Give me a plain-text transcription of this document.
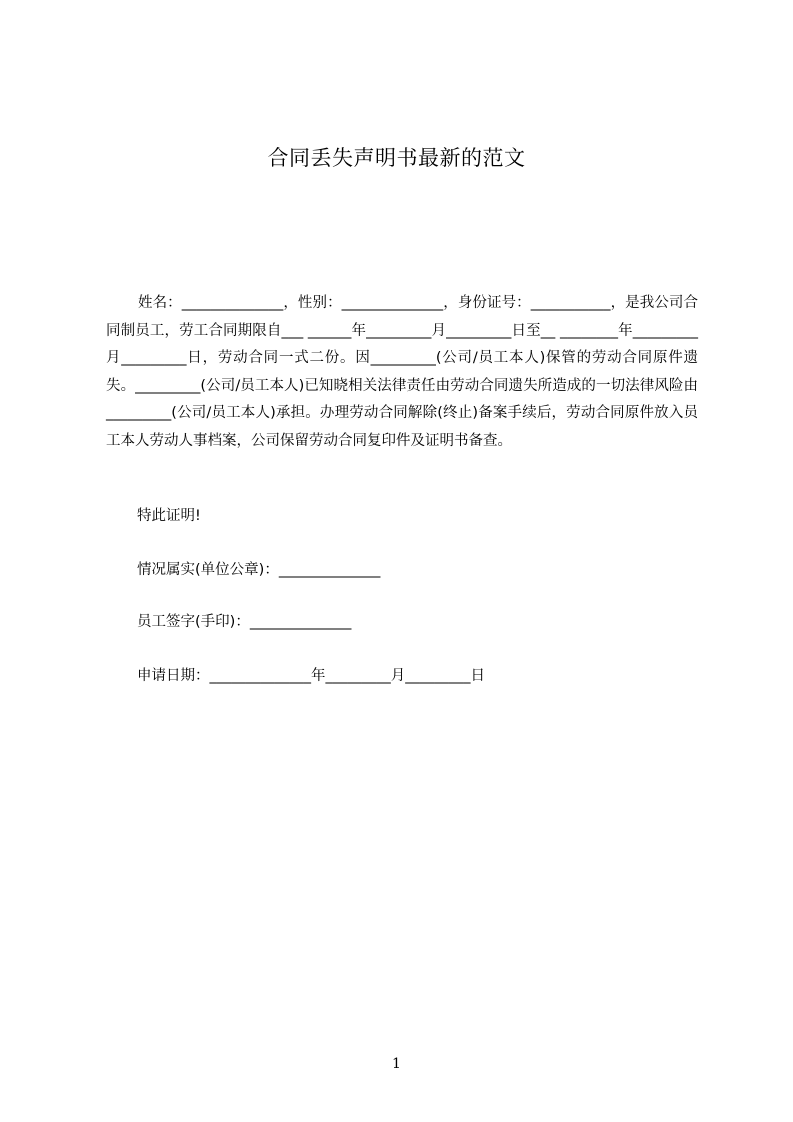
合同丢失声明书最新的范文

姓名：______________，性别：______________，身份证号：___________，是我公司合同制员工，劳工合同期限自___ ______年_________月_________日至__ ________年_________月_________日，劳动合同一式二份。因_________(公司/员工本人)保管的劳动合同原件遗失。_________(公司/员工本人)已知晓相关法律责任由劳动合同遗失所造成的一切法律风险由_________(公司/员工本人)承担。办理劳动合同解除(终止)备案手续后，劳动合同原件放入员工本人劳动人事档案，公司保留劳动合同复印件及证明书备查。

特此证明!
情况属实(单位公章)：______________
员工签字(手印)：______________
申请日期：______________年_________月_________日
1
